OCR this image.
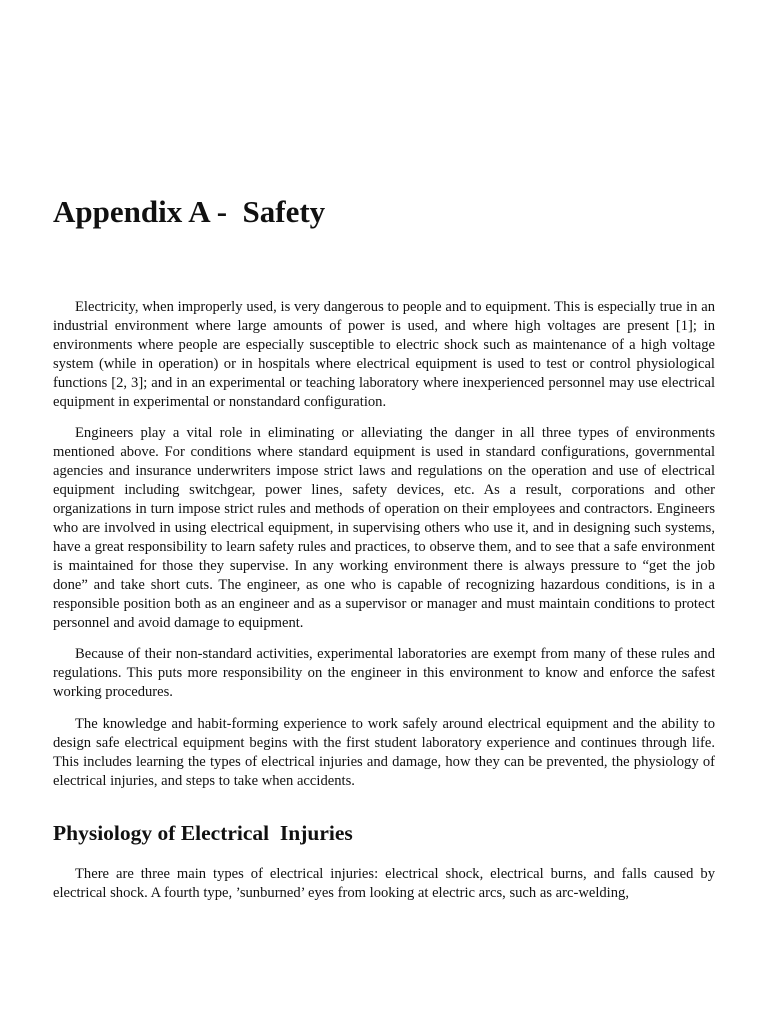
Appendix A -  Safety

Electricity, when improperly used, is very dangerous to people and to equipment. This is especially true in an industrial environment where large amounts of power is used, and where high voltages are present [1]; in environments where people are especially susceptible to electric shock such as maintenance of a high voltage system (while in operation) or in hospitals where electrical equipment is used to test or control physiological functions [2, 3]; and in an experimental or teaching laboratory where inexperienced personnel may use electrical equipment in experimental or nonstandard configuration.

Engineers play a vital role in eliminating or alleviating the danger in all three types of environments mentioned above. For conditions where standard equipment is used in standard configurations, governmental agencies and insurance underwriters impose strict laws and regulations on the operation and use of electrical equipment including switchgear, power lines, safety devices, etc. As a result, corporations and other organizations in turn impose strict rules and methods of operation on their employees and contractors. Engineers who are involved in using electrical equipment, in supervising others who use it, and in designing such systems, have a great responsibility to learn safety rules and practices, to observe them, and to see that a safe environment is maintained for those they supervise. In any working environment there is always pressure to “get the job done” and take short cuts. The engineer, as one who is capable of recognizing hazardous conditions, is in a responsible position both as an engineer and as a supervisor or manager and must maintain conditions to protect personnel and avoid damage to equipment.

Because of their non-standard activities, experimental laboratories are exempt from many of these rules and regulations. This puts more responsibility on the engineer in this environment to know and enforce the safest working procedures.

The knowledge and habit-forming experience to work safely around electrical equipment and the ability to design safe electrical equipment begins with the first student laboratory experience and continues through life. This includes learning the types of electrical injuries and damage, how they can be prevented, the physiology of electrical injuries, and steps to take when accidents.

Physiology of Electrical  Injuries

There are three main types of electrical injuries: electrical shock, electrical burns, and falls caused by electrical shock. A fourth type, ’sunburned’ eyes from looking at electric arcs, such as arc-welding,
